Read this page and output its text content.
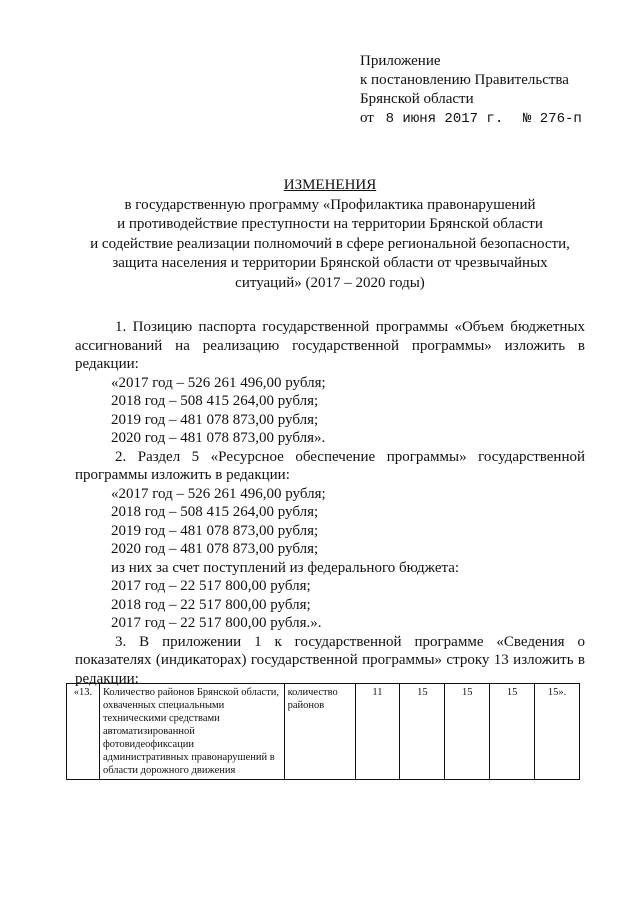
Приложение
к постановлению Правительства
Брянской области
от 8 июня 2017 г. № 276-п
ИЗМЕНЕНИЯ
в государственную программу «Профилактика правонарушений
и противодействие преступности на территории Брянской области
и содействие реализации полномочий в сфере региональной безопасности,
защита населения и территории Брянской области от чрезвычайных
ситуаций» (2017 – 2020 годы)

1. Позицию паспорта государственной программы «Объем бюджетных ассигнований на реализацию государственной программы» изложить в редакции:

«2017 год – 526 261 496,00 рубля;

2018 год – 508 415 264,00 рубля;

2019 год – 481 078 873,00 рубля;

2020 год – 481 078 873,00 рубля».

2. Раздел 5 «Ресурсное обеспечение программы» государственной программы изложить в редакции:

«2017 год – 526 261 496,00 рубля;

2018 год – 508 415 264,00 рубля;

2019 год – 481 078 873,00 рубля;

2020 год – 481 078 873,00 рубля;

из них за счет поступлений из федерального бюджета:

2017 год – 22 517 800,00 рубля;

2018 год – 22 517 800,00 рубля;

2017 год – 22 517 800,00 рубля.».

3. В приложении 1 к государственной программе «Сведения о показателях (индикаторах) государственной программы» строку 13 изложить в редакции:

«13.	Количество районов Брянской области, охваченных специальными техническими средствами автоматизированной фотовидеофиксации административных правонарушений в области дорожного движения	количество районов	11	15	15	15	15».
